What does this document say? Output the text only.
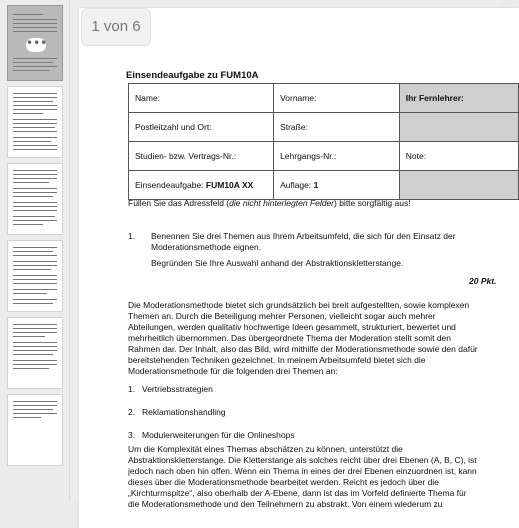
•••
Einsendeaufgabe zu FUM10A
Name:	Vorname:	Ihr Fernlehrer:
Postleitzahl und Ort:	Straße:	
Studien- bzw. Vertrags-Nr.:	Lehrgangs-Nr.:	Note:
Einsendeaufgabe: FUM10A XX	Auflage: 1	
Füllen Sie das Adressfeld (die nicht hinterlegten Felder) bitte sorgfältig aus!
1. Benennen Sie drei Themen aus Ihrem Arbeitsumfeld, die sich für den Einsatz der Moderationsmethode eignen.
Begründen Sie Ihre Auswahl anhand der Abstraktionskletterstange.
20 Pkt.
Die Moderationsmethode bietet sich grundsätzlich bei breit aufgestellten, sowie komplexen
Themen an. Durch die Beteiligung mehrer Personen, vielleicht sogar auch mehrer
Abteilungen, werden qualitativ hochwertige Ideen gesammelt, strukturiert, bewertet und
mehrheitlich übernommen. Das übergeordnete Thema der Moderation stellt somit den
Rahmen dar. Der Inhalt, also das Bild, wird mithilfe der Moderationsmethode sowie den dafür
bereitstehenden Techniken gezeichnet. In meinem Arbeitsumfeld bietet sich die
Moderationsmethode für die folgenden drei Themen an:
1. Vertriebsstrategien
2. Reklamationshandling
3. Modulerweiterungen für die Onlineshops
Um die Komplexität eines Themas abschätzen zu können, unterstützt die
Abstraktionskletterstange. Die Kletterstange als solches reicht über drei Ebenen (A, B, C), ist
jedoch nach oben hin offen. Wenn ein Thema in eines der drei Ebenen einzuordnen ist, kann
dieses über die Moderationsmethode bearbeitet werden. Reicht es jedoch über die
„Kirchturmspitze“, also oberhalb der A-Ebene, dann ist das im Vorfeld definierte Thema für
die Moderationsmethode und den Teilnehmern zu abstrakt. Von einem wiederum zu
1 von 6
